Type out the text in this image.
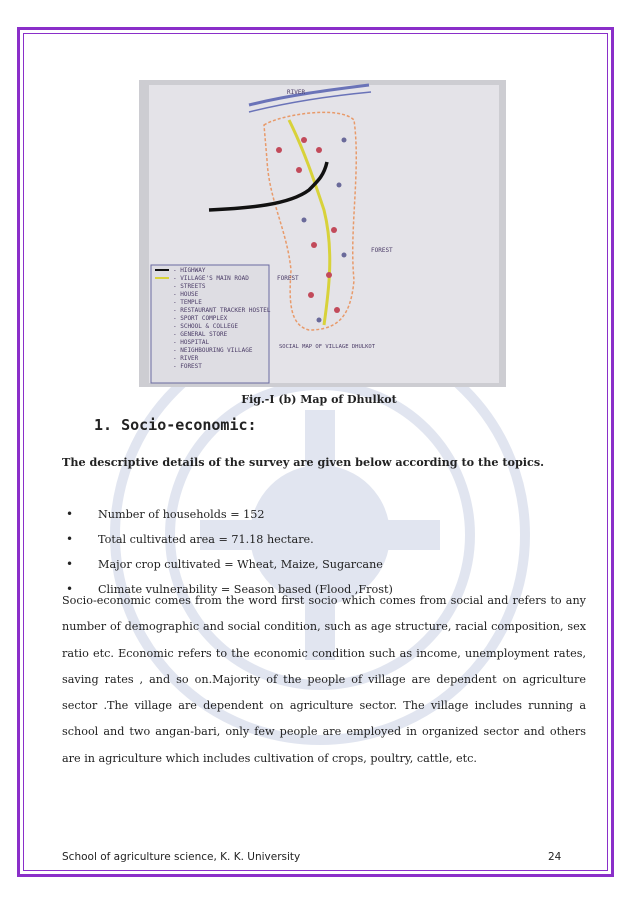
RIVER
FOREST
FOREST
- HIGHWAY
- VILLAGE'S MAIN ROAD
- STREETS
- HOUSE
- TEMPLE
- RESTAURANT TRACKER HOSTEL
- SPORT COMPLEX
- SCHOOL & COLLEGE
- GENERAL STORE
- HOSPITAL
- NEIGHBOURING VILLAGE
- RIVER
- FOREST
SOCIAL MAP OF VILLAGE DHULKOT
Fig.-I (b) Map of Dhulkot
1. Socio-economic:
The descriptive details of the survey are given below according to the topics.
• Number of households = 152
• Total cultivated area = 71.18 hectare.
• Major crop cultivated = Wheat, Maize, Sugarcane
• Climate vulnerability = Season based (Flood ,Frost)
Socio-economic comes from the word first socio which comes from social and refers to any number of demographic and social condition, such as age structure, racial composition, sex ratio etc. Economic refers to the economic condition such as income, unemployment rates, saving rates , and so on.Majority of the people of village are dependent on agriculture sector .The village are dependent on agriculture sector. The village includes running a school and two angan-bari, only few people are employed in organized sector and others are in agriculture which includes cultivation of crops, poultry, cattle, etc.
School of agriculture science, K. K. University	24
